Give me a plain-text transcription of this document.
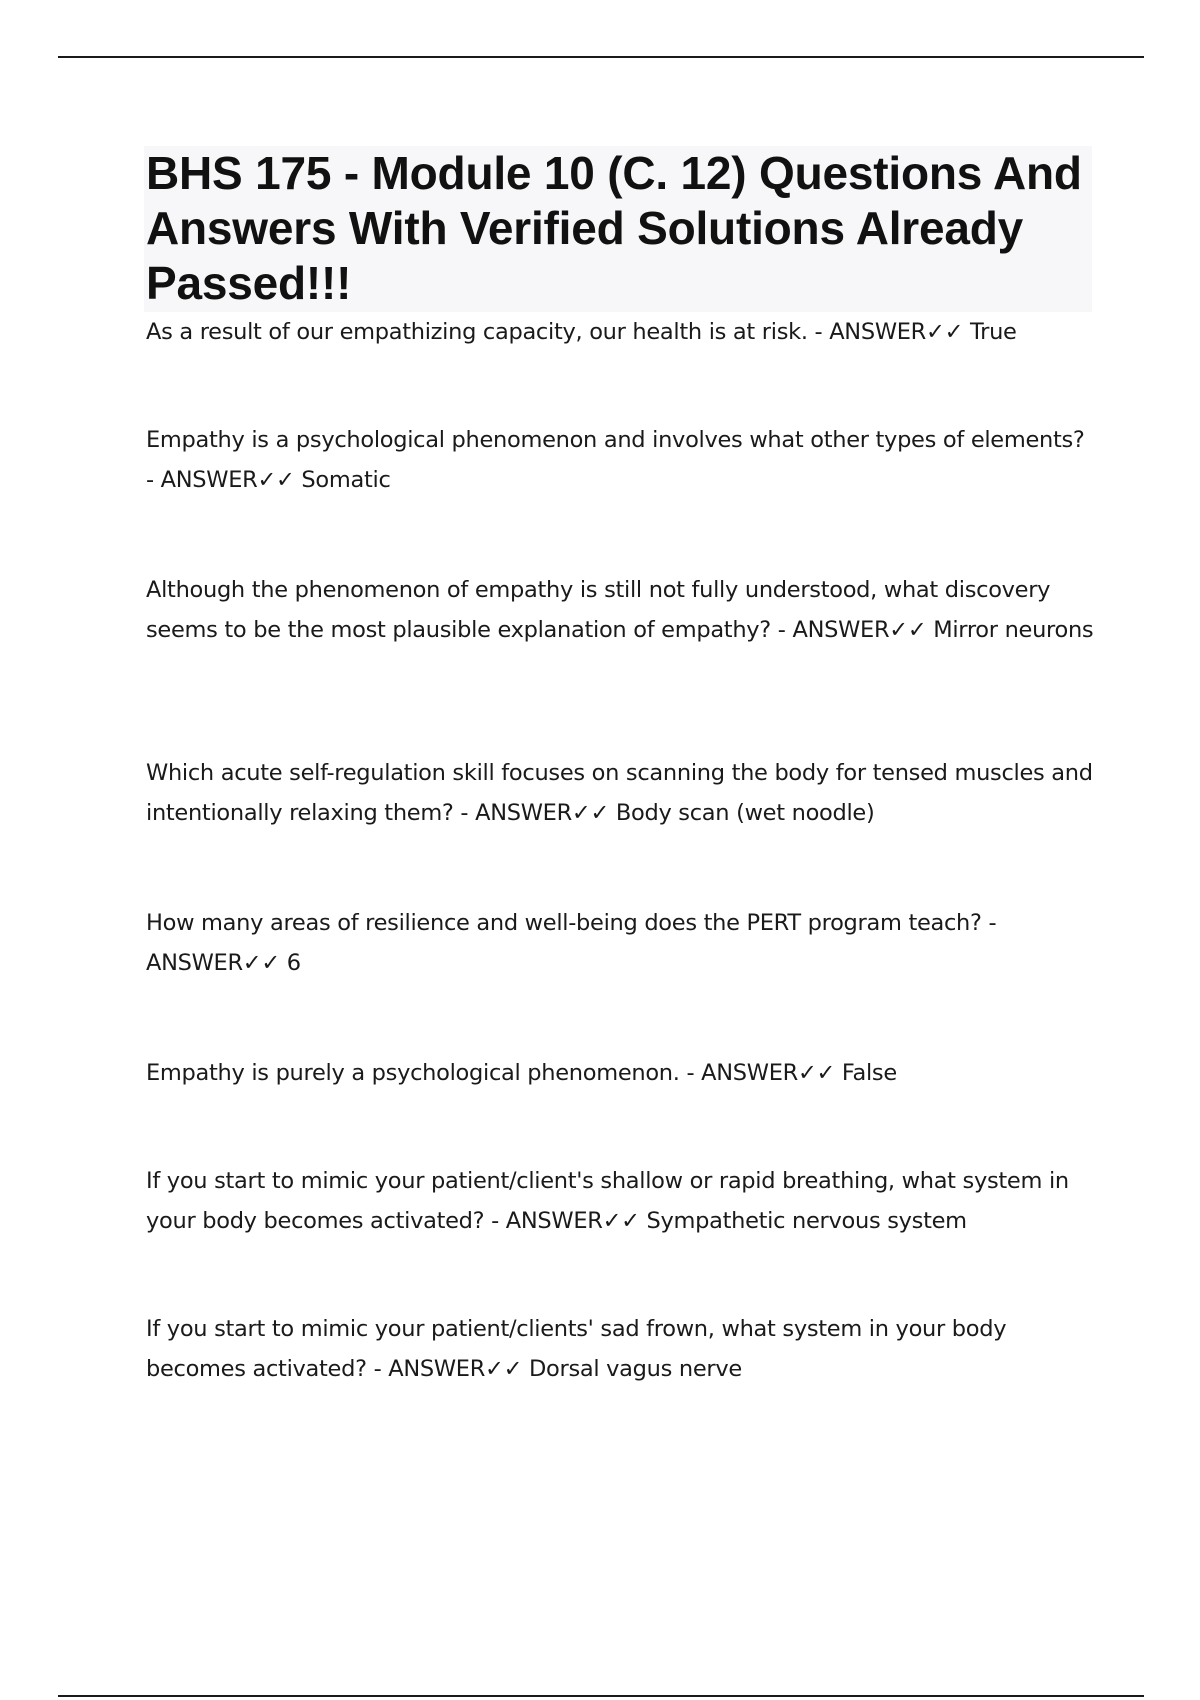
BHS 175 - Module 10 (C. 12) Questions And Answers With Verified Solutions Already Passed!!!

As a result of our empathizing capacity, our health is at risk. - ANSWER✓✓ True

Empathy is a psychological phenomenon and involves what other types of elements? - ANSWER✓✓ Somatic

Although the phenomenon of empathy is still not fully understood, what discovery seems to be the most plausible explanation of empathy? - ANSWER✓✓ Mirror neurons

Which acute self-regulation skill focuses on scanning the body for tensed muscles and intentionally relaxing them? - ANSWER✓✓ Body scan (wet noodle)

How many areas of resilience and well-being does the PERT program teach? - ANSWER✓✓ 6

Empathy is purely a psychological phenomenon. - ANSWER✓✓ False

If you start to mimic your patient/client's shallow or rapid breathing, what system in your body becomes activated? - ANSWER✓✓ Sympathetic nervous system

If you start to mimic your patient/clients' sad frown, what system in your body becomes activated? - ANSWER✓✓ Dorsal vagus nerve
